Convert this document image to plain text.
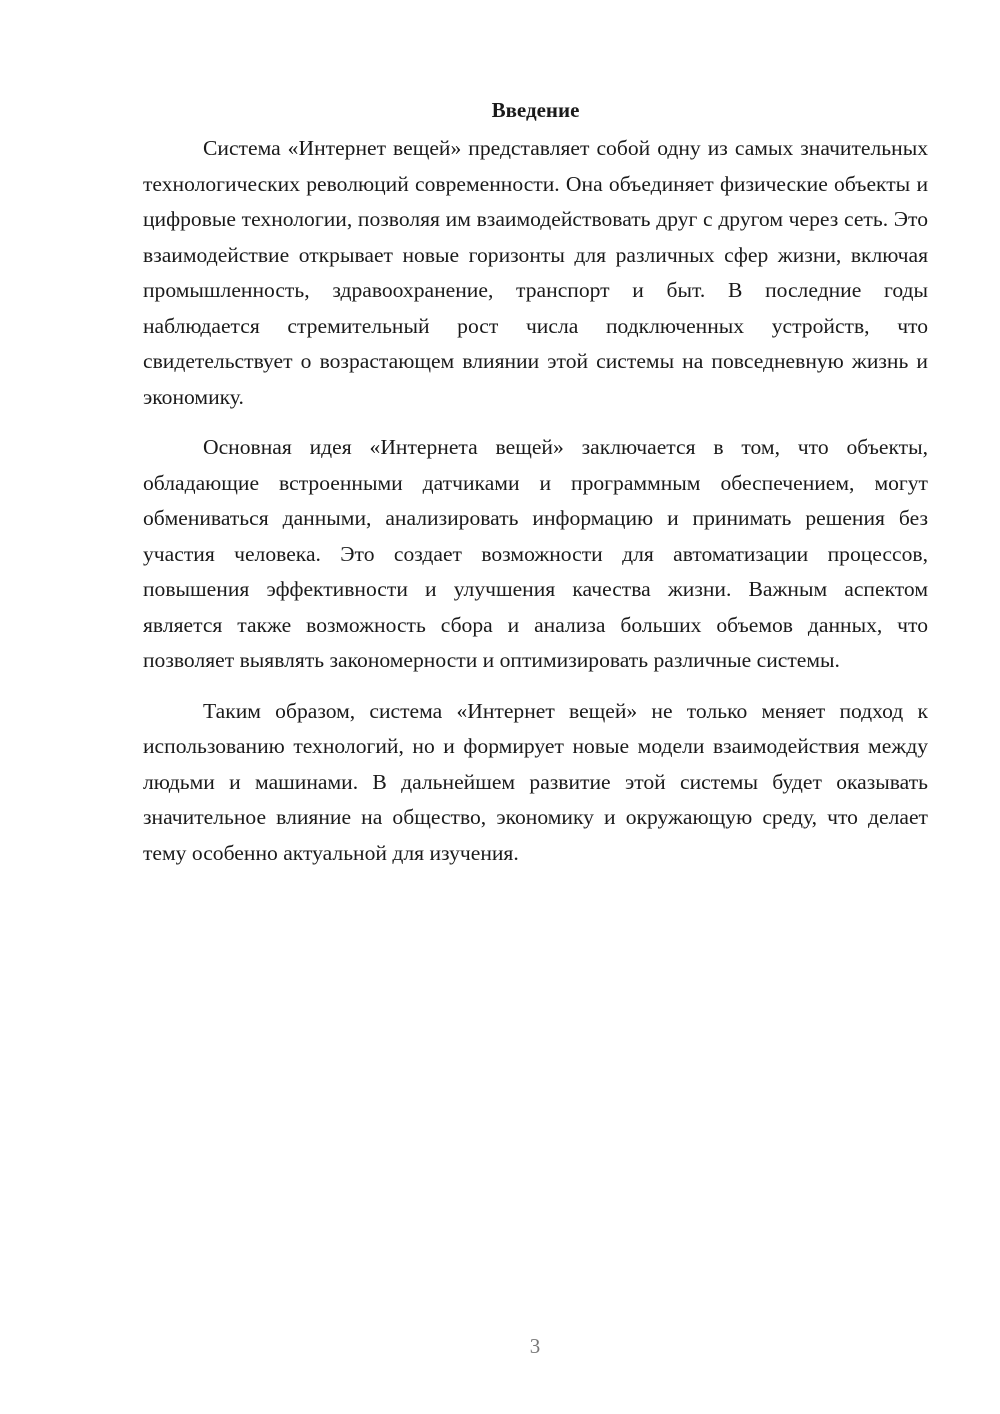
Введение

Система «Интернет вещей» представляет собой одну из самых значительных технологических революций современности. Она объединяет физические объекты и цифровые технологии, позволяя им взаимодействовать друг с другом через сеть. Это взаимодействие открывает новые горизонты для различных сфер жизни, включая промышленность, здравоохранение, транспорт и быт. В последние годы наблюдается стремительный рост числа подключенных устройств, что свидетельствует о возрастающем влиянии этой системы на повседневную жизнь и экономику.

Основная идея «Интернета вещей» заключается в том, что объекты, обладающие встроенными датчиками и программным обеспечением, могут обмениваться данными, анализировать информацию и принимать решения без участия человека. Это создает возможности для автоматизации процессов, повышения эффективности и улучшения качества жизни. Важным аспектом является также возможность сбора и анализа больших объемов данных, что позволяет выявлять закономерности и оптимизировать различные системы.

Таким образом, система «Интернет вещей» не только меняет подход к использованию технологий, но и формирует новые модели взаимодействия между людьми и машинами. В дальнейшем развитие этой системы будет оказывать значительное влияние на общество, экономику и окружающую среду, что делает тему особенно актуальной для изучения.

3
